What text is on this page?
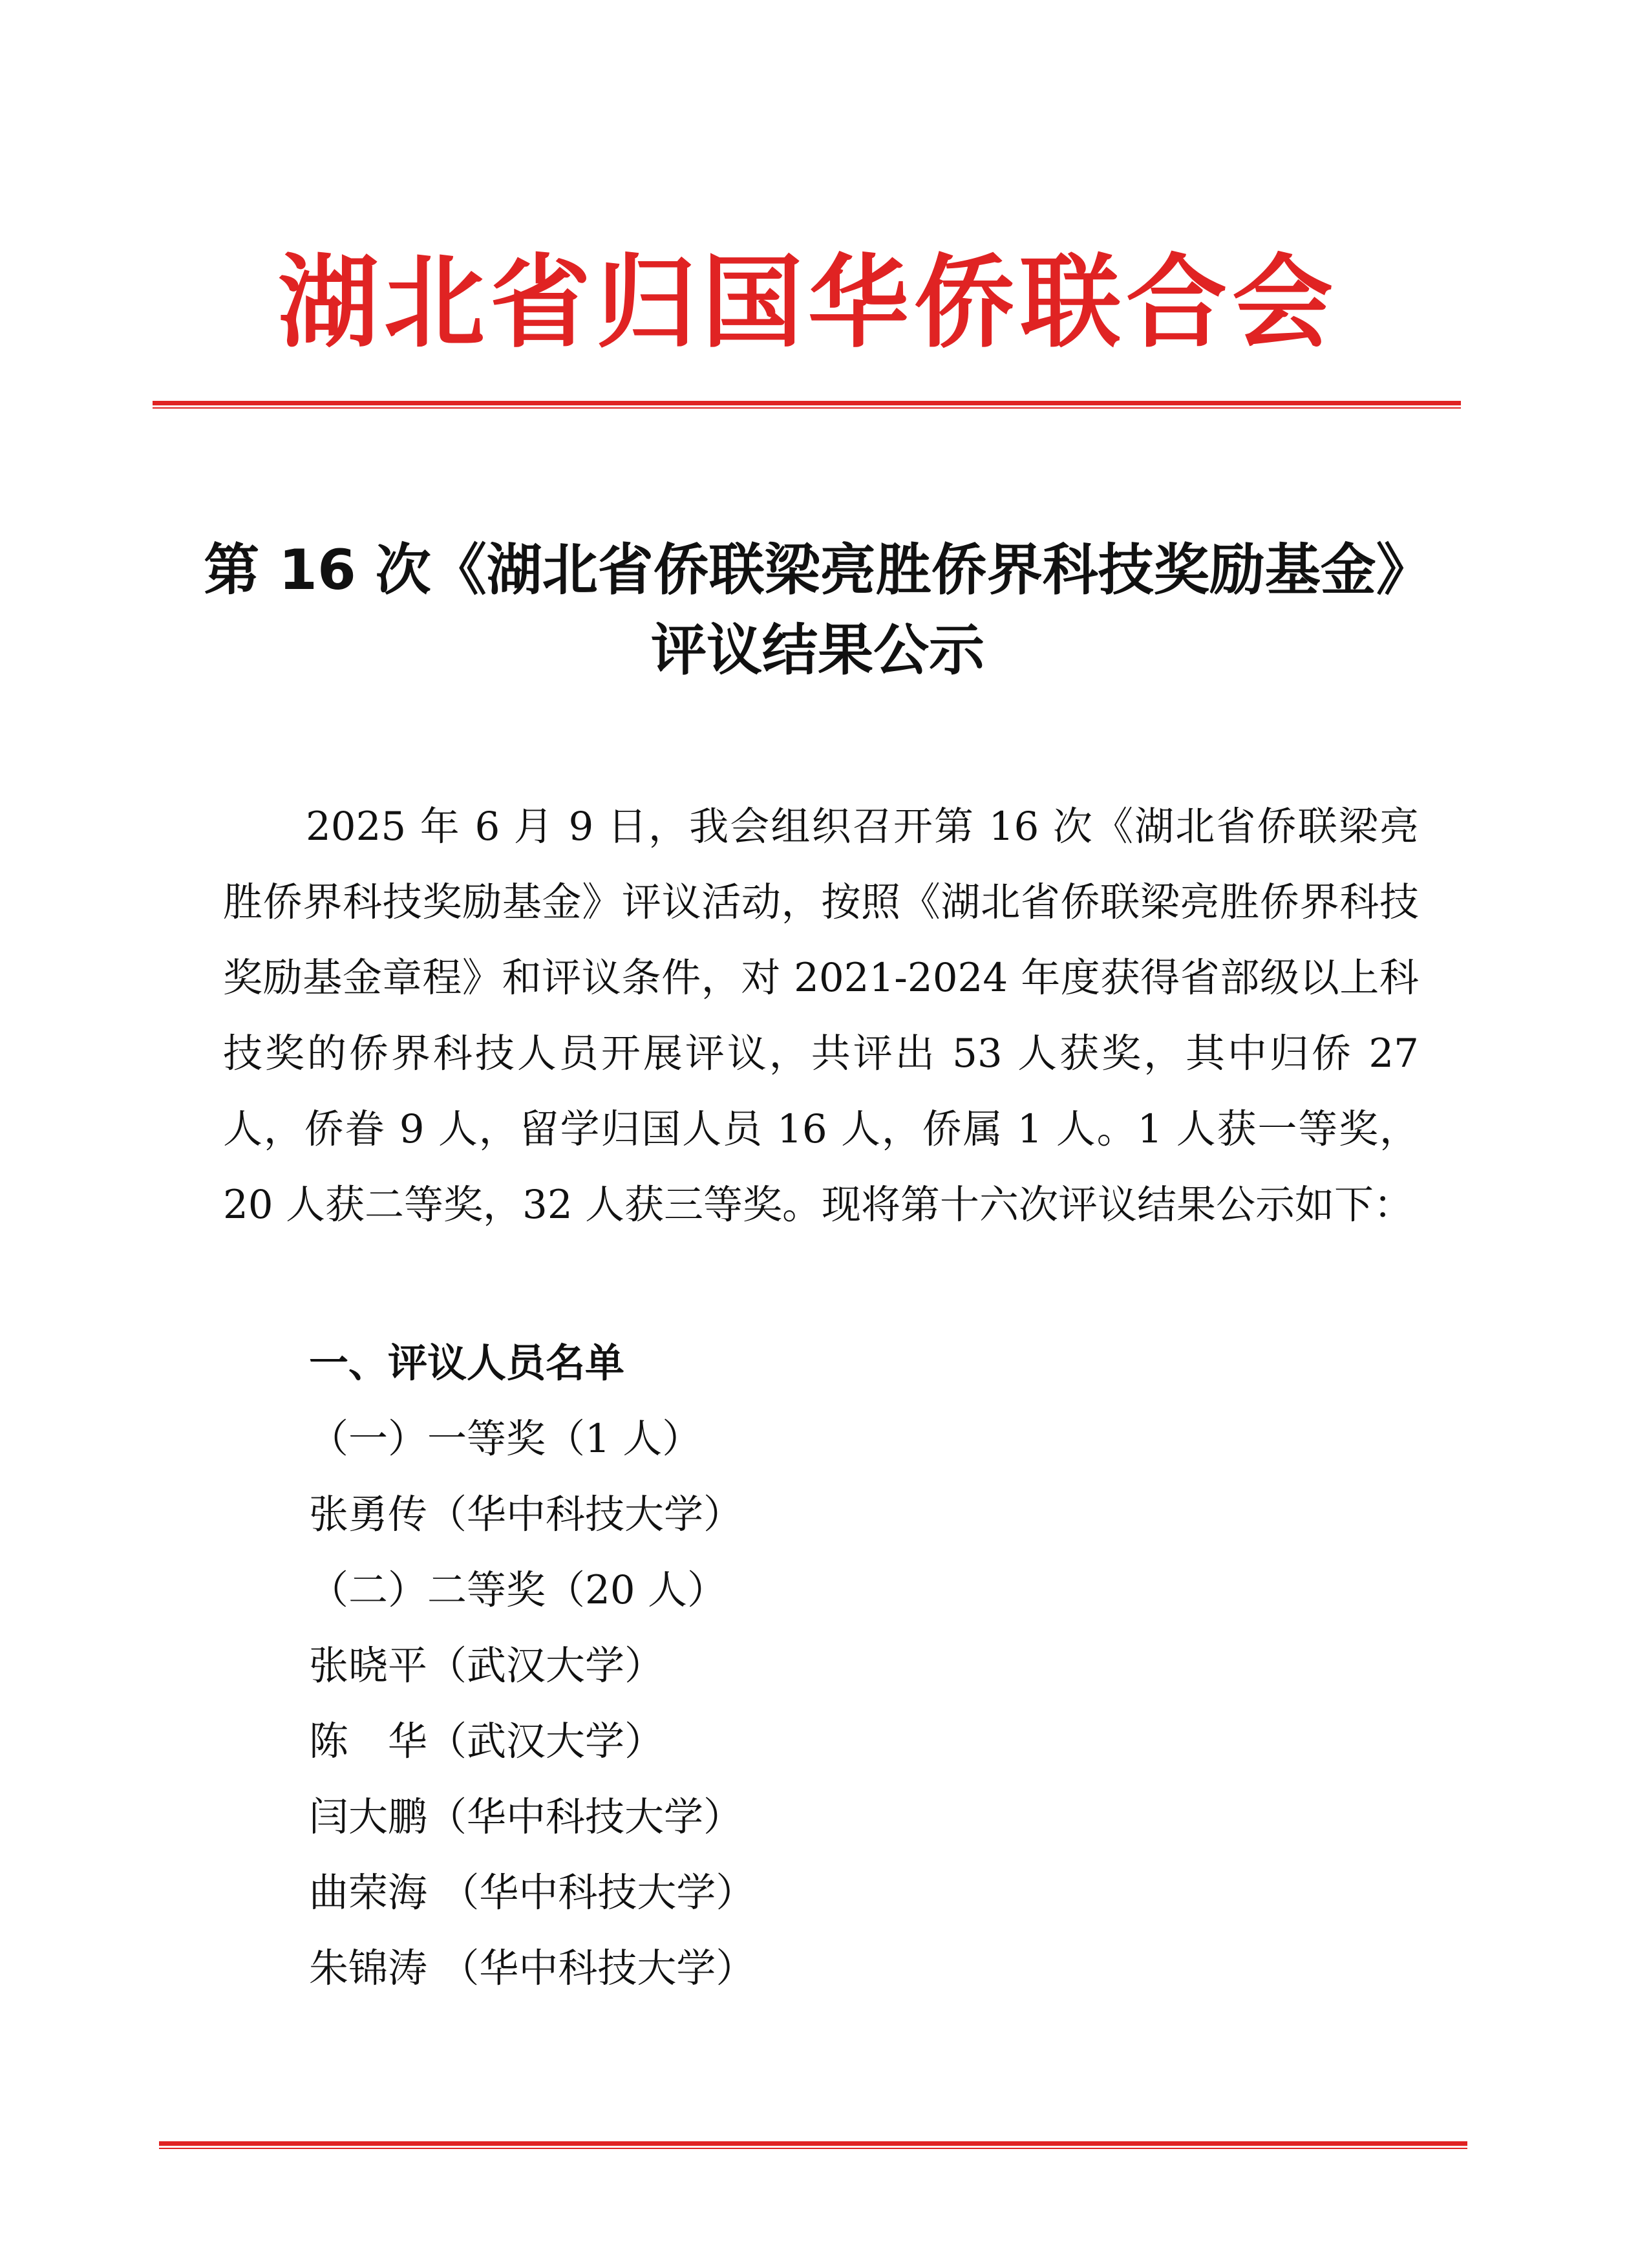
湖北省归国华侨联合会
第 16 次《湖北省侨联梁亮胜侨界科技奖励基金》
评议结果公示

2025 年 6 月 9 日，我会组织召开第 16 次《湖北省侨联梁亮胜侨界科技奖励基金》评议活动，按照《湖北省侨联梁亮胜侨界科技奖励基金章程》和评议条件，对 2021-2024 年度获得省部级以上科技奖的侨界科技人员开展评议，共评出 53 人获奖，其中归侨 27 人，侨眷 9 人，留学归国人员 16 人，侨属 1 人。1 人获一等奖，20 人获二等奖，32 人获三等奖。现将第十六次评议结果公示如下：

一、评议人员名单
（一）一等奖（1 人）
张勇传（华中科技大学）
（二）二等奖（20 人）
张晓平（武汉大学）
陈　华（武汉大学）
闫大鹏（华中科技大学）
曲荣海 （华中科技大学）
朱锦涛 （华中科技大学）
